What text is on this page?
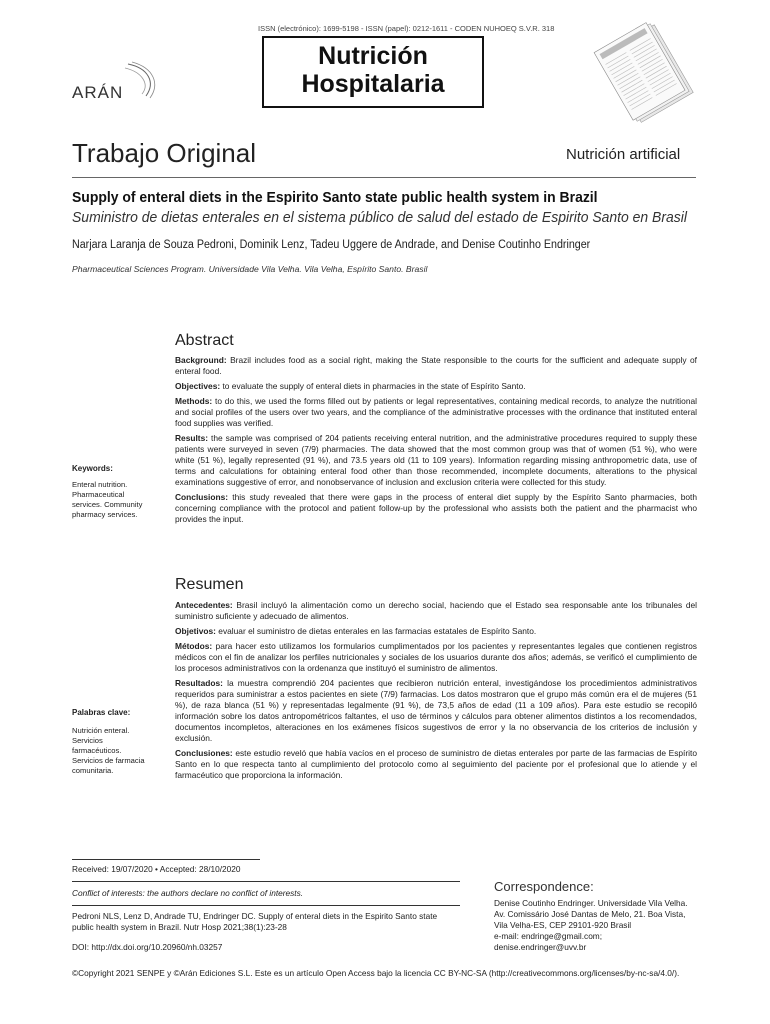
ISSN (electrónico): 1699-5198 - ISSN (papel): 0212-1611 - CODEN NUHOEQ S.V.R. 318
Nutrición
Hospitalaria
ARÁN
Trabajo Original	Nutrición artificial
Supply of enteral diets in the Espirito Santo state public health system in Brazil
Suministro de dietas enterales en el sistema público de salud del estado de Espirito Santo en Brasil
Narjara Laranja de Souza Pedroni, Dominik Lenz, Tadeu Uggere de Andrade, and Denise Coutinho Endringer
Pharmaceutical Sciences Program. Universidade Vila Velha. Vila Velha, Espírito Santo. Brasil
Abstract
Keywords:
Enteral nutrition. Pharmaceutical services. Community pharmacy services.

Background: Brazil includes food as a social right, making the State responsible to the courts for the sufficient and adequate supply of enteral food.

Objectives: to evaluate the supply of enteral diets in pharmacies in the state of Espírito Santo.

Methods: to do this, we used the forms filled out by patients or legal representatives, containing medical records, to analyze the nutritional and social profiles of the users over two years, and the compliance of the administrative processes with the ordinance that instituted enteral food supplies was verified.

Results: the sample was comprised of 204 patients receiving enteral nutrition, and the administrative procedures required to supply these patients were surveyed in seven (7/9) pharmacies. The data showed that the most common group was that of women (51 %), who were white (51 %), legally represented (91 %), and 73.5 years old (11 to 109 years). Information regarding missing anthropometric data, use of terms and calculations for obtaining enteral food other than those recommended, incomplete documents, alterations to the physical examinations suggestive of error, and nonobservance of inclusion and exclusion criteria were collected for this study.

Conclusions: this study revealed that there were gaps in the process of enteral diet supply by the Espírito Santo pharmacies, both concerning compliance with the protocol and patient follow-up by the professional who assists both the patient and the pharmacist who provides the input.

Resumen
Palabras clave:
Nutrición enteral. Servicios farmacéuticos. Servicios de farmacia comunitaria.

Antecedentes: Brasil incluyó la alimentación como un derecho social, haciendo que el Estado sea responsable ante los tribunales del suministro suficiente y adecuado de alimentos.

Objetivos: evaluar el suministro de dietas enterales en las farmacias estatales de Espírito Santo.

Métodos: para hacer esto utilizamos los formularios cumplimentados por los pacientes y representantes legales que contienen registros médicos con el fin de analizar los perfiles nutricionales y sociales de los usuarios durante dos años; además, se verificó el cumplimiento de los procesos administrativos con la ordenanza que instituyó el suministro de alimentos.

Resultados: la muestra comprendió 204 pacientes que recibieron nutrición enteral, investigándose los procedimientos administrativos requeridos para suministrar a estos pacientes en siete (7/9) farmacias. Los datos mostraron que el grupo más común era el de mujeres (51 %), de raza blanca (51 %) y representadas legalmente (91 %), de 73,5 años de edad (11 a 109 años). Para este estudio se recopiló información sobre los datos antropométricos faltantes, el uso de términos y cálculos para obtener alimentos distintos a los recomendados, documentos incompletos, alteraciones en los exámenes físicos sugestivos de error y la no observancia de los criterios de inclusión y exclusión.

Conclusiones: este estudio reveló que había vacíos en el proceso de suministro de dietas enterales por parte de las farmacias de Espírito Santo en lo que respecta tanto al cumplimiento del protocolo como al seguimiento del paciente por el profesional que lo atiende y el farmacéutico que proporciona la información.

Received: 19/07/2020 • Accepted: 28/10/2020
Conflict of interests: the authors declare no conflict of interests.
Pedroni NLS, Lenz D, Andrade TU, Endringer DC. Supply of enteral diets in the Espirito Santo state public health system in Brazil. Nutr Hosp 2021;38(1):23-28
DOI: http://dx.doi.org/10.20960/nh.03257
Correspondence:
Denise Coutinho Endringer. Universidade Vila Velha. Av. Comissário José Dantas de Melo, 21. Boa Vista, Vila Velha-ES, CEP 29101-920 Brasil
e-mail: endringe@gmail.com; denise.endringer@uvv.br
©Copyright 2021 SENPE y ©Arán Ediciones S.L. Este es un artículo Open Access bajo la licencia CC BY-NC-SA (http://creativecommons.org/licenses/by-nc-sa/4.0/).
